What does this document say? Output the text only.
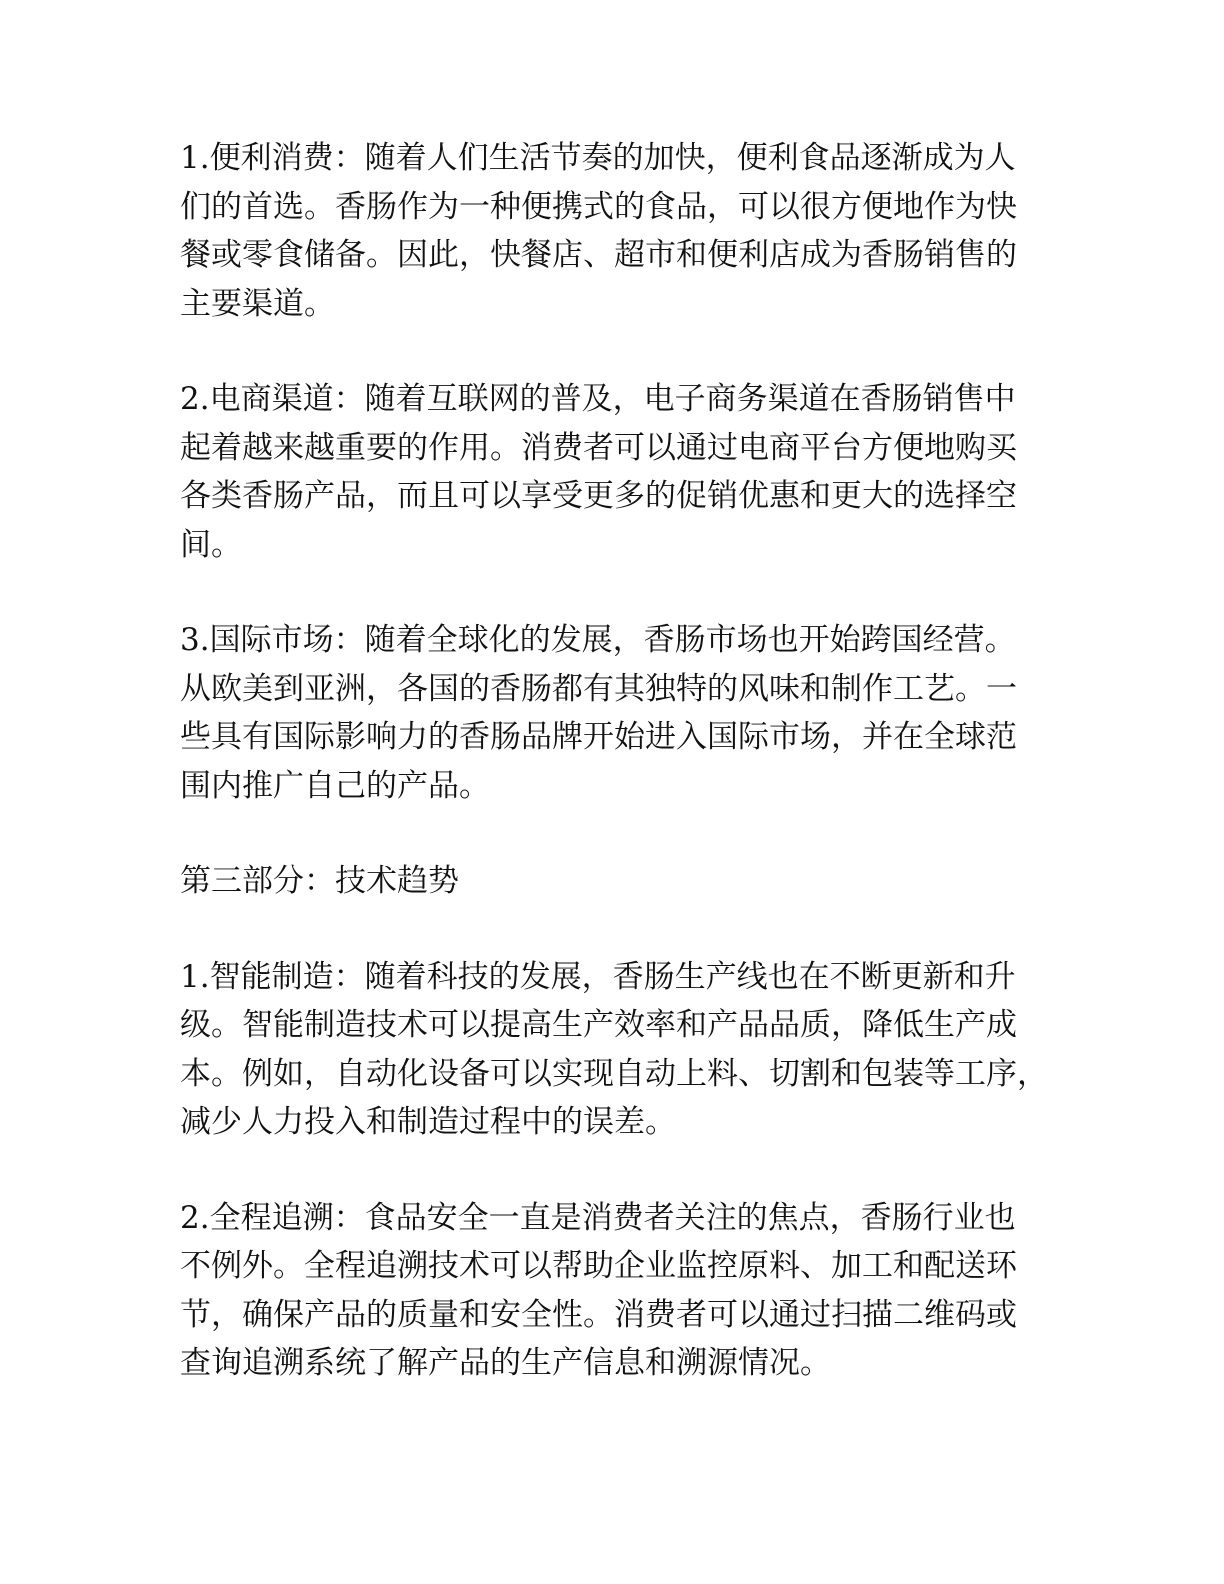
1.便利消费：随着人们生活节奏的加快，便利食品逐渐成为人
们的首选。香肠作为一种便携式的食品，可以很方便地作为快
餐或零食储备。因此，快餐店、超市和便利店成为香肠销售的
主要渠道。

2.电商渠道：随着互联网的普及，电子商务渠道在香肠销售中
起着越来越重要的作用。消费者可以通过电商平台方便地购买
各类香肠产品，而且可以享受更多的促销优惠和更大的选择空
间。

3.国际市场：随着全球化的发展，香肠市场也开始跨国经营。
从欧美到亚洲，各国的香肠都有其独特的风味和制作工艺。一
些具有国际影响力的香肠品牌开始进入国际市场，并在全球范
围内推广自己的产品。

第三部分：技术趋势

1.智能制造：随着科技的发展，香肠生产线也在不断更新和升
级。智能制造技术可以提高生产效率和产品品质，降低生产成
本。例如，自动化设备可以实现自动上料、切割和包装等工序，
减少人力投入和制造过程中的误差。

2.全程追溯：食品安全一直是消费者关注的焦点，香肠行业也
不例外。全程追溯技术可以帮助企业监控原料、加工和配送环
节，确保产品的质量和安全性。消费者可以通过扫描二维码或
查询追溯系统了解产品的生产信息和溯源情况。
